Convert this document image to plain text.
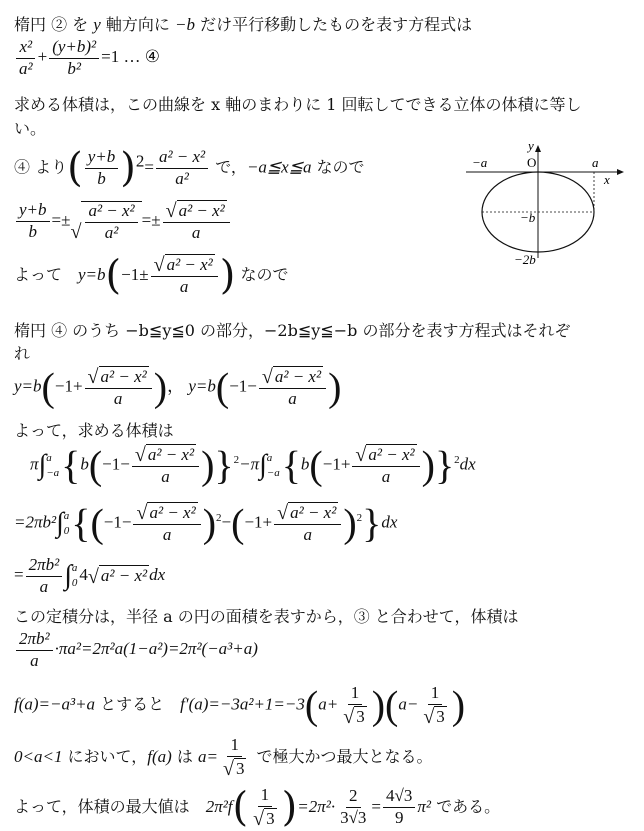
楕円 ② を y 軸方向に −b だけ平行移動したものを表す方程式は
$\frac{\text{x²}}{\text{a²}} + \frac{\text{(y+b)²}}{\text{b²}} =1$ … ④
求める体積は，この曲線を x 軸のまわりに 1 回転してできる立体の体積に等し
い。
④ より( $\frac{y+b}{b} )^2= \frac{\text{a² − x²}}{\text{a²}}$ で，−a≦x≦a なので
$\frac{y+b}{b}$ =±
√ $\frac{\text{a² − x²}}{\text{a²}} =\pm \frac{\text{√ a² − x²}}{a}$
よって　$y=b(-1\pm \frac{\text{√ a² − x²}}{a}$ ) なので
楕円 ④ のうち −b≦y≦0 の部分，−2b≦y≦−b の部分を表す方程式はそれぞ
れ
$y=b(-1+ \frac{\text{√ a² − x²}}{a}$ )， $y=b(-1- \frac{\text{√ a² − x²}}{a}$ )
よって，求める体積は
π∫ a
−a $\{b(-1- \frac{\text{√ a² − x²}}{a} )\}^2-\pi\int$ a
−a $\{b(-1+ \frac{\text{√ a² − x²}}{a} )\}^2dx$
=2πb²∫ a
0 $\{(-1- \frac{\text{√ a² − x²}}{a} )^2-(-1+ \frac{\text{√ a² − x²}}{a} )^2\}dx$
= $\frac{\text{2πb²}}{a}$ ∫ a
0 4 √ a² − x² dx
この定積分は，半径 a の円の面積を表すから，③ と合わせて，体積は
$\frac{\text{2πb²}}{a} \cdot\pi a^2=2\pi^2a(1-a^2)=2\pi^2(-a^3+a)$
f(a)=−a³+a とすると　$f'(a)=-3a^2+1=-3(a+ \frac{1}{√ 3} )(a- \frac{1}{√ 3}$ )
0<a<1 において，f(a) は $a= \frac{1}{√ 3}$ で極大かつ最大となる。
よって，体積の最大値は　$2\pi^2f( \frac{1}{√ 3} )=2\pi^2\cdot \frac{2}{3√3} = \frac{4√3}{9} \pi^2$ である。
y
O
−a	a
x
−b
−2b
